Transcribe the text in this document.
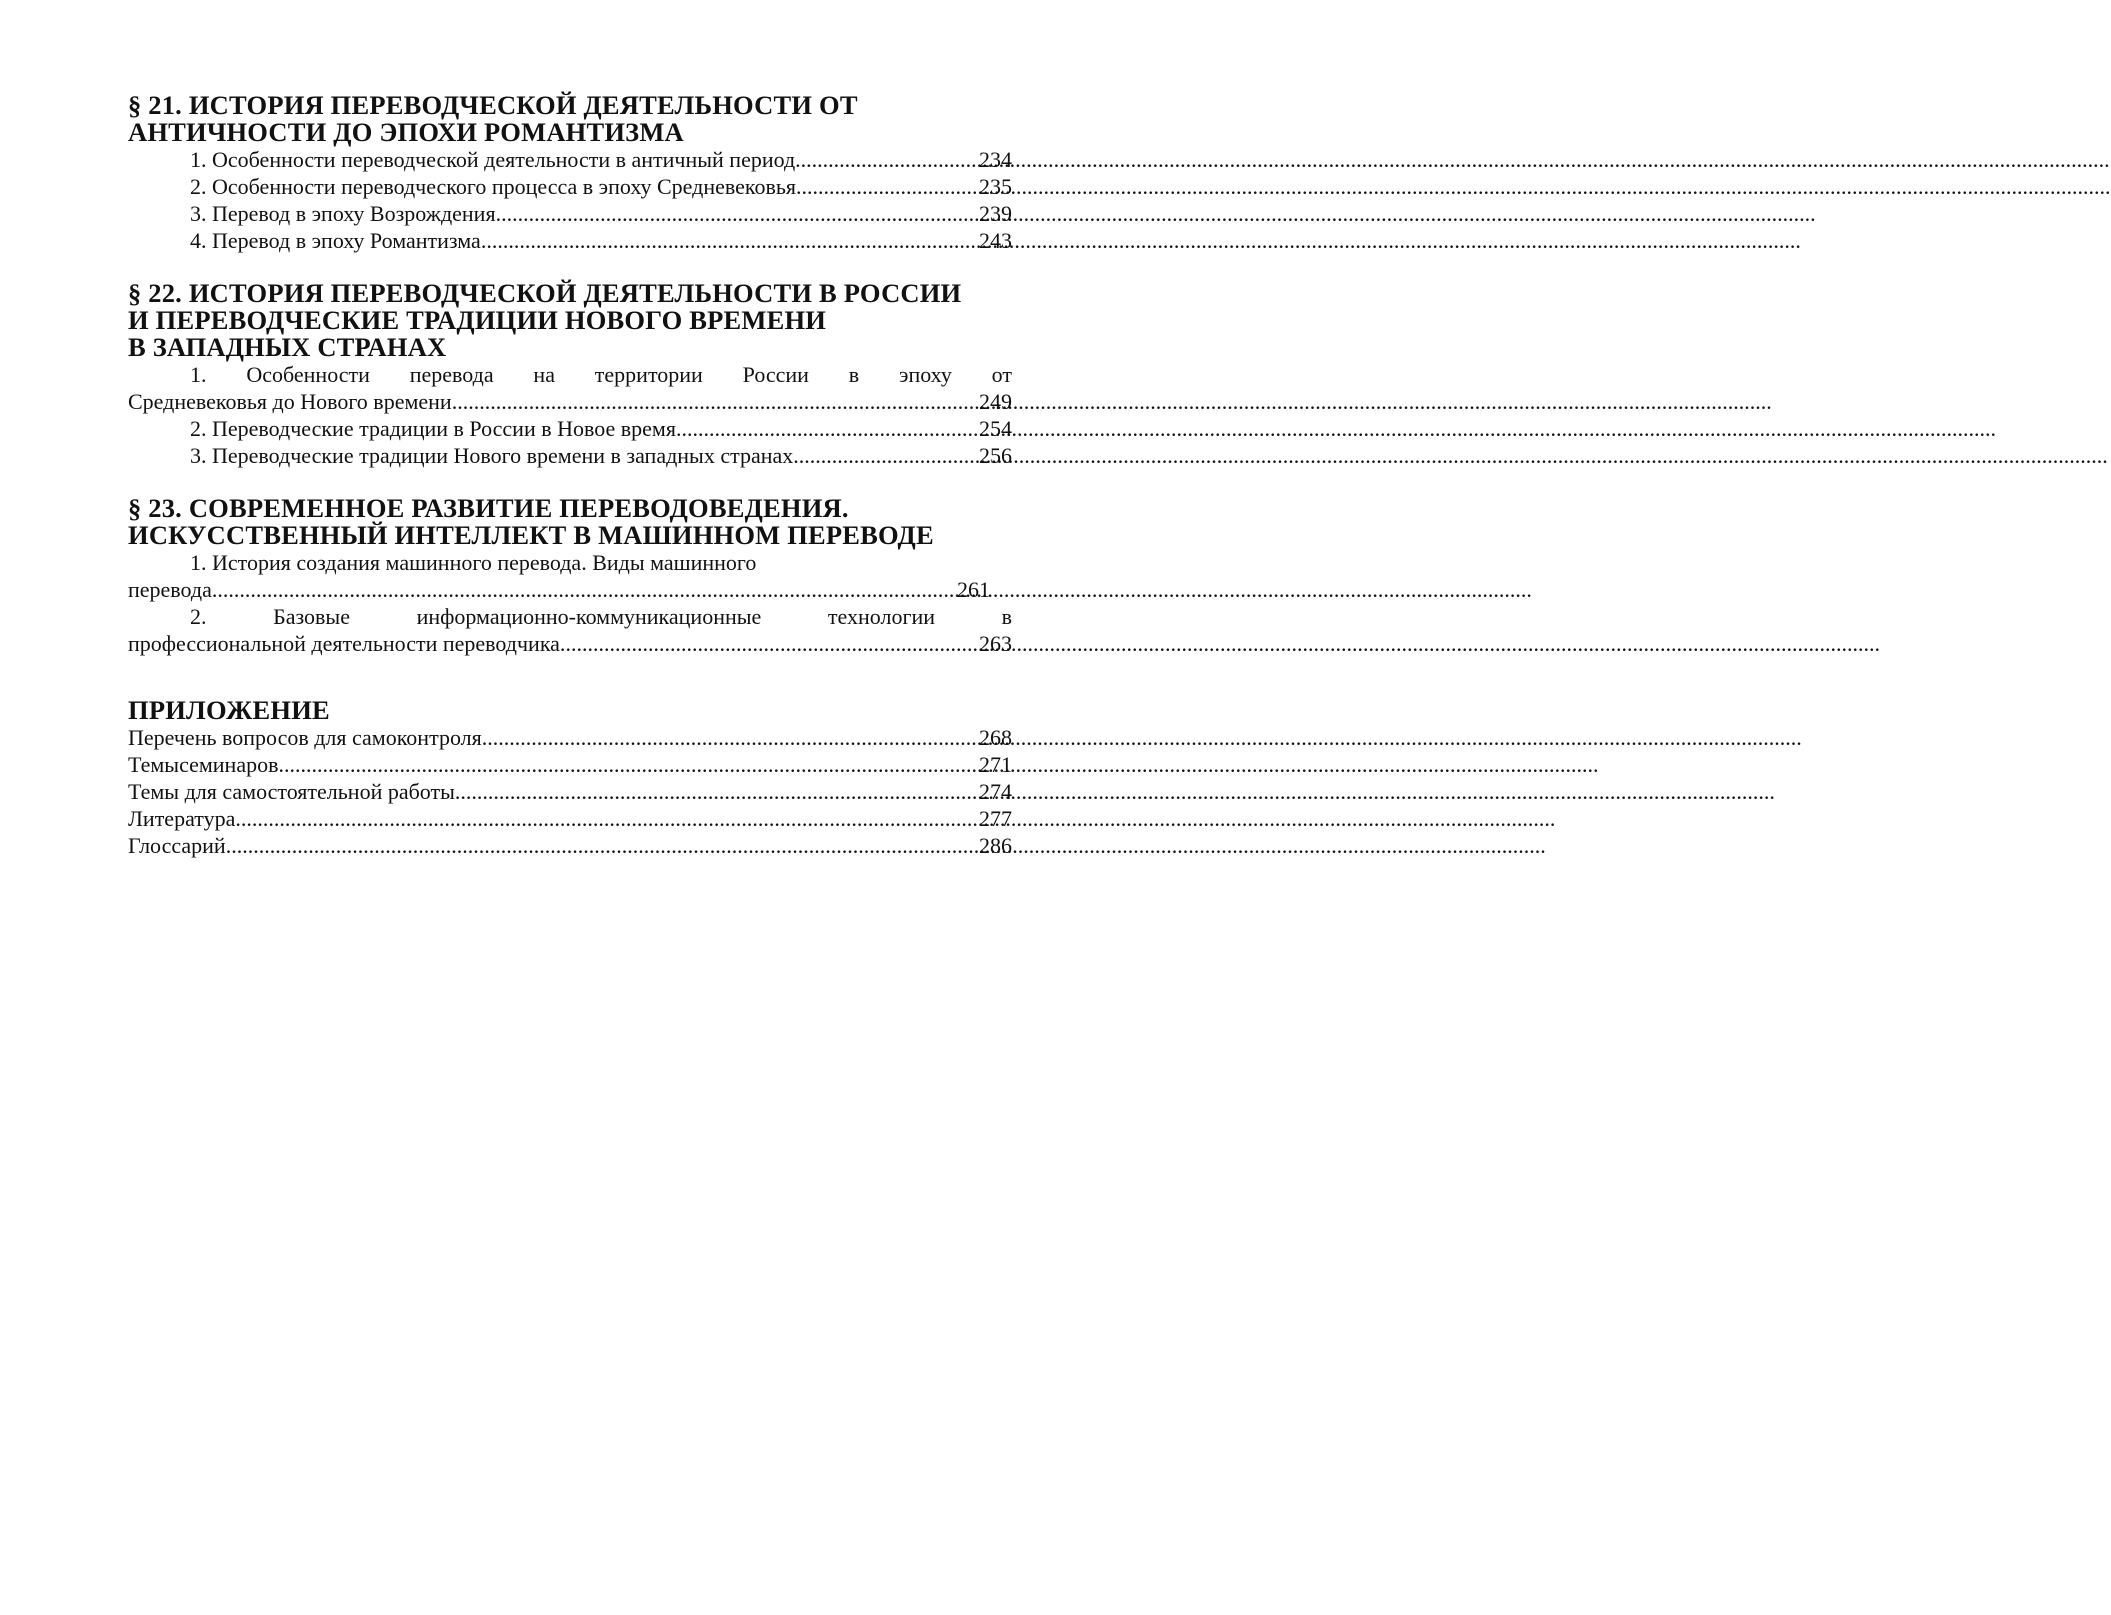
§ 21. ИСТОРИЯ ПЕРЕВОДЧЕСКОЙ ДЕЯТЕЛЬНОСТИ ОТ
АНТИЧНОСТИ ДО ЭПОХИ РОМАНТИЗМА
1. Особенности переводческой деятельности в античный период .....	234
2. Особенности переводческого процесса в эпоху Средневековья .....	235
3. Перевод в эпоху Возрождения. .....	239
4. Перевод в эпоху Романтизма. .....	243
§ 22. ИСТОРИЯ ПЕРЕВОДЧЕСКОЙ ДЕЯТЕЛЬНОСТИ В РОССИИ
И ПЕРЕВОДЧЕСКИЕ ТРАДИЦИИ НОВОГО ВРЕМЕНИ
В ЗАПАДНЫХ СТРАНАХ
1. Особенности перевода на территории России в эпоху от
Средневековья до Нового времени. .....	249
2. Переводческие традиции в России в Новое время. .....	254
3. Переводческие традиции Нового времени в западных странах .....	256
§ 23. СОВРЕМЕННОЕ РАЗВИТИЕ ПЕРЕВОДОВЕДЕНИЯ.
ИСКУССТВЕННЫЙ ИНТЕЛЛЕКТ В МАШИННОМ ПЕРЕВОДЕ
1. История создания машинного перевода. Виды машинного
перевода. .....	261
2. Базовые информационно-коммуникационные технологии в
профессиональной деятельности переводчика. .....	263
ПРИЛОЖЕНИЕ
Перечень вопросов для самоконтроля. .....	268
Темысеминаров. .....	271
Темы для самостоятельной работы. .....	274
Литература. .....	277
Глоссарий. .....	286
